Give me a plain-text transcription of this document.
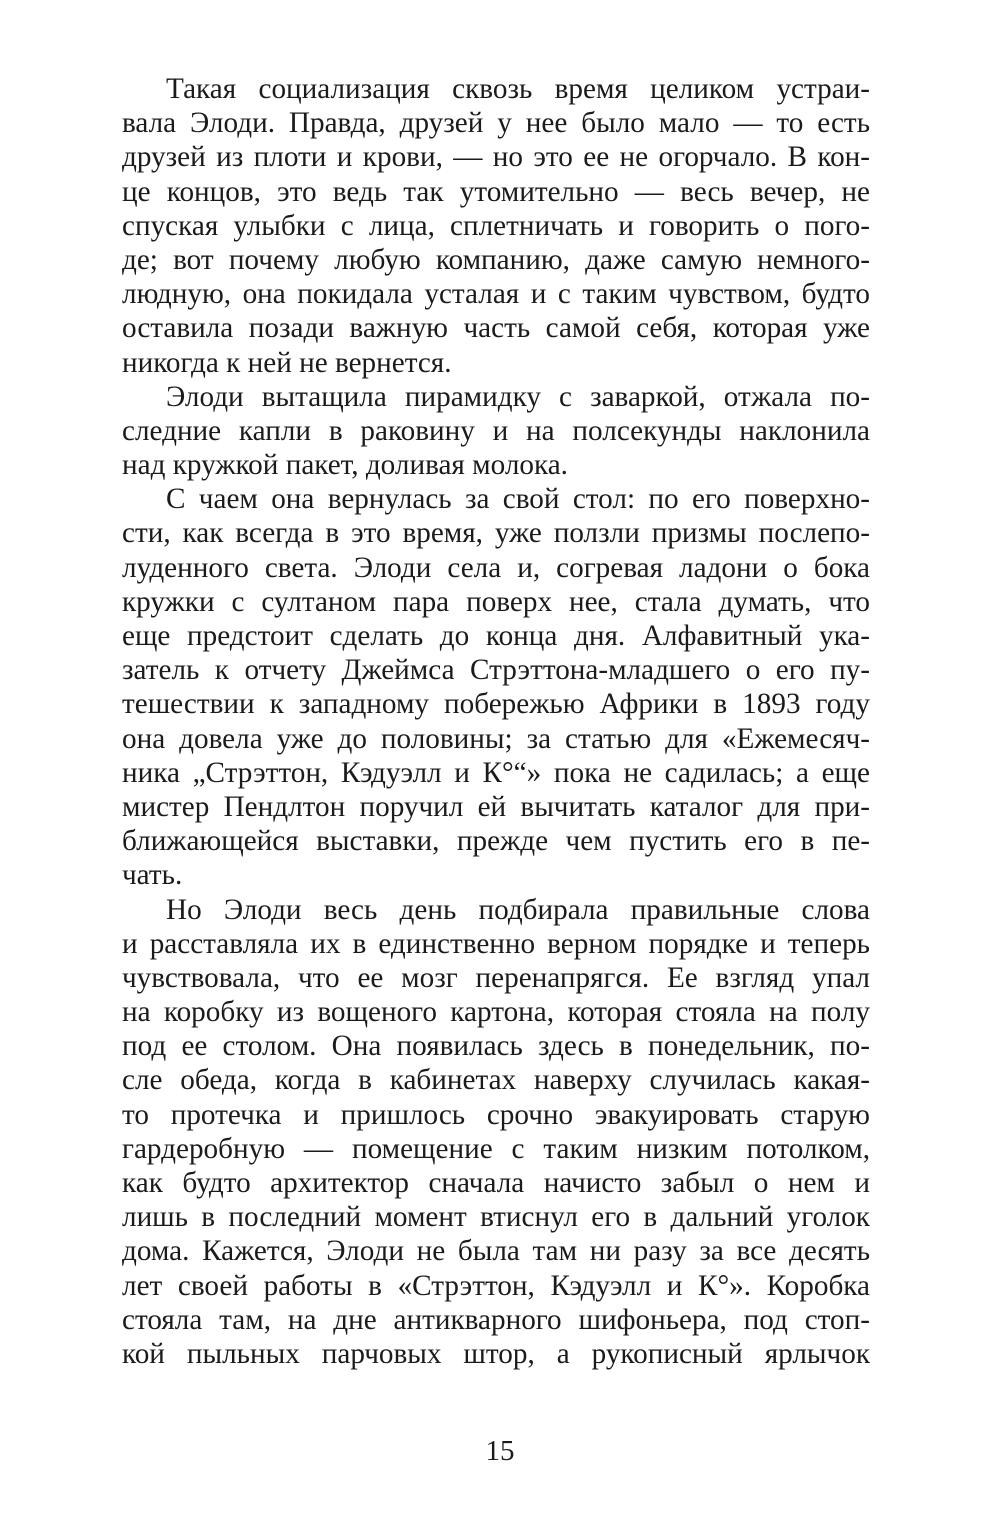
Такая социализация сквозь время целиком устраи-
вала Элоди. Правда, друзей у нее было мало — то есть
друзей из плоти и крови, — но это ее не огорчало. В кон-
це концов, это ведь так утомительно — весь вечер, не
спуская улыбки с лица, сплетничать и говорить о пого-
де; вот почему любую компанию, даже самую немного-
людную, она покидала усталая и с таким чувством, будто
оставила позади важную часть самой себя, которая уже
никогда к ней не вернется.
Элоди вытащила пирамидку с заваркой, отжала по-
следние капли в раковину и на полсекунды наклонила
над кружкой пакет, доливая молока.
С чаем она вернулась за свой стол: по его поверхно-
сти, как всегда в это время, уже ползли призмы послепо-
луденного света. Элоди села и, согревая ладони о бока
кружки с султаном пара поверх нее, стала думать, что
еще предстоит сделать до конца дня. Алфавитный ука-
затель к отчету Джеймса Стрэттона-младшего о его пу-
тешествии к западному побережью Африки в 1893 году
она довела уже до половины; за статью для «Ежемесяч-
ника „Стрэттон, Кэдуэлл и К°“» пока не садилась; а еще
мистер Пендлтон поручил ей вычитать каталог для при-
ближающейся выставки, прежде чем пустить его в пе-
чать.
Но Элоди весь день подбирала правильные слова
и расставляла их в единственно верном порядке и теперь
чувствовала, что ее мозг перенапрягся. Ее взгляд упал
на коробку из вощеного картона, которая стояла на полу
под ее столом. Она появилась здесь в понедельник, по-
сле обеда, когда в кабинетах наверху случилась какая-
то протечка и пришлось срочно эвакуировать старую
гардеробную — помещение с таким низким потолком,
как будто архитектор сначала начисто забыл о нем и
лишь в последний момент втиснул его в дальний уголок
дома. Кажется, Элоди не была там ни разу за все десять
лет своей работы в «Стрэттон, Кэдуэлл и К°». Коробка
стояла там, на дне антикварного шифоньера, под стоп-
кой пыльных парчовых штор, а рукописный ярлычок
15
